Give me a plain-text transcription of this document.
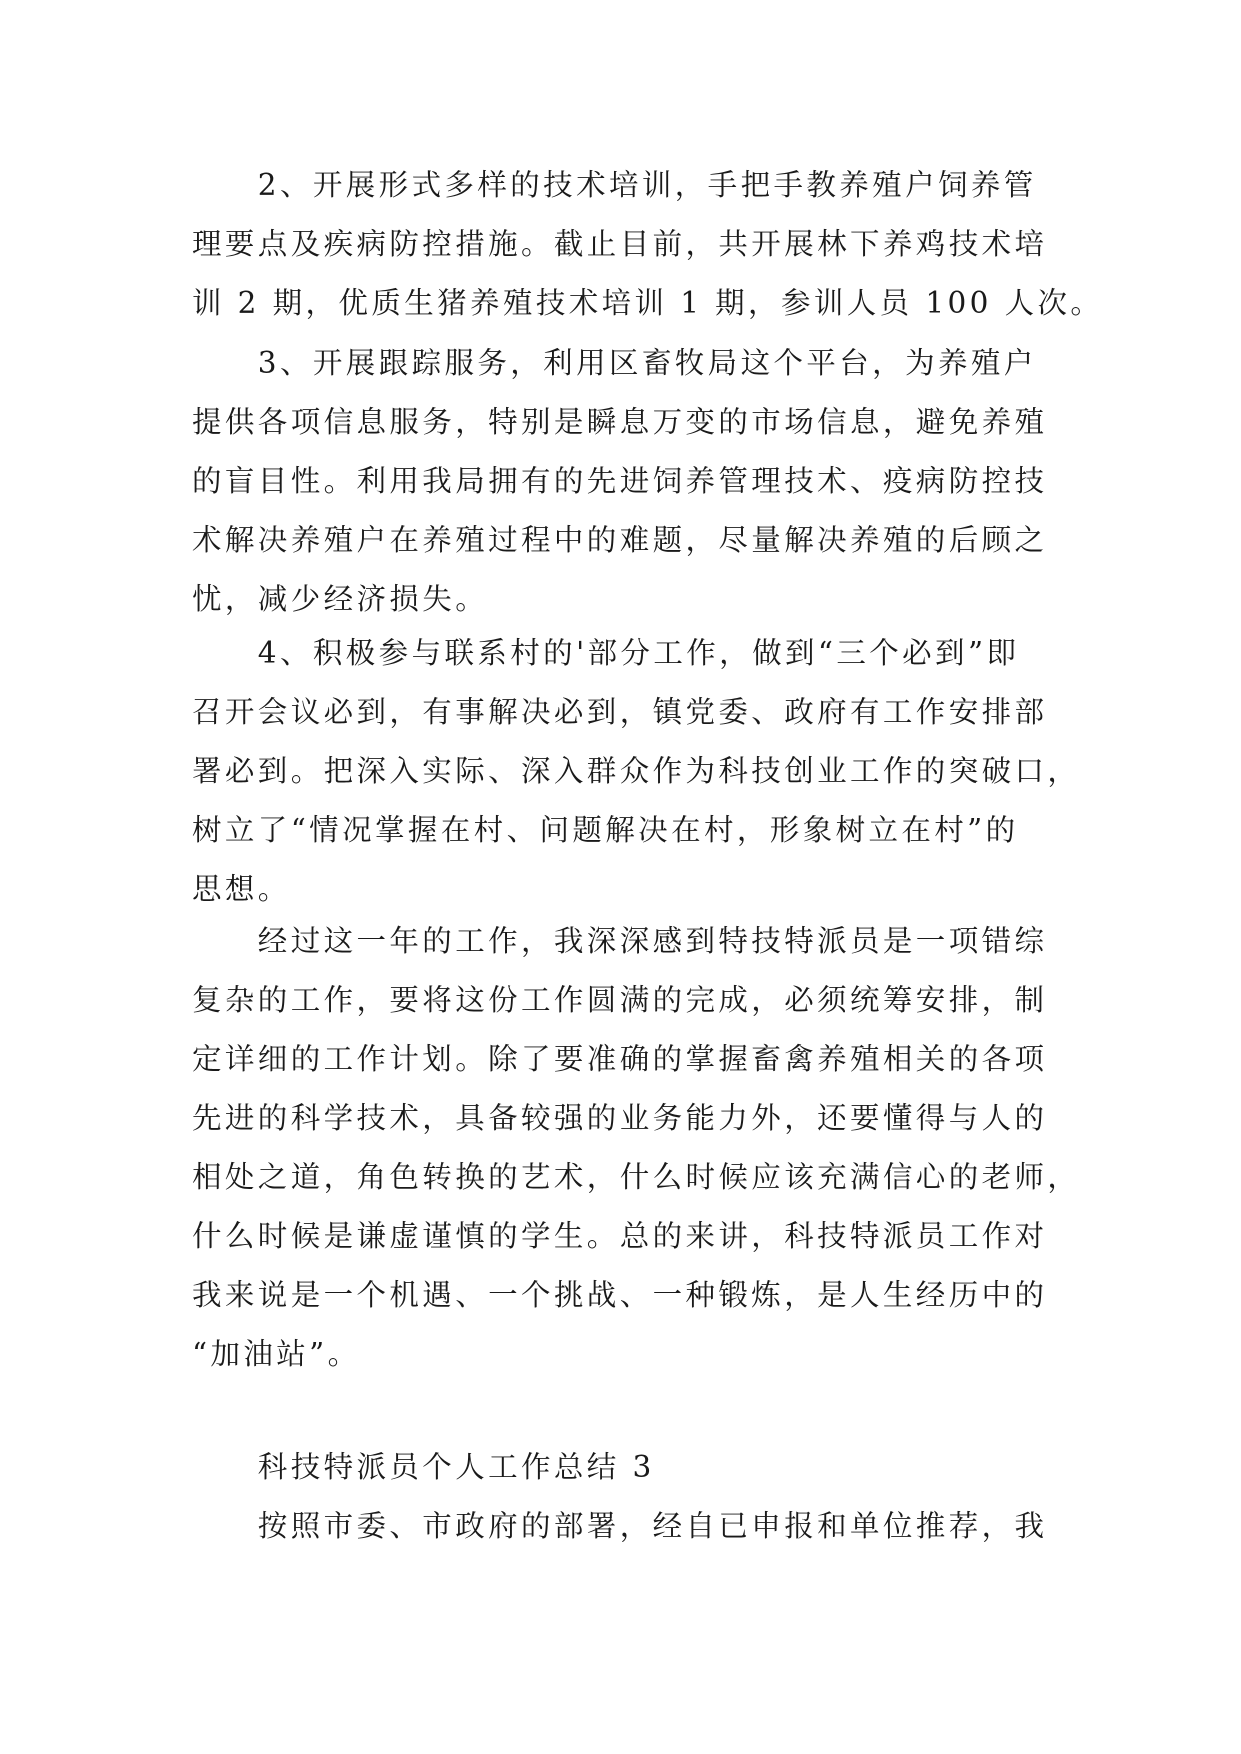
　　2、开展形式多样的技术培训，手把手教养殖户饲养管
理要点及疾病防控措施。截止目前，共开展林下养鸡技术培
训 2 期，优质生猪养殖技术培训 1 期，参训人员 100 人次。
　　3、开展跟踪服务，利用区畜牧局这个平台，为养殖户
提供各项信息服务，特别是瞬息万变的市场信息，避免养殖
的盲目性。利用我局拥有的先进饲养管理技术、疫病防控技
术解决养殖户在养殖过程中的难题，尽量解决养殖的后顾之
忧，减少经济损失。
　　4、积极参与联系村的'部分工作，做到“三个必到”即
召开会议必到，有事解决必到，镇党委、政府有工作安排部
署必到。把深入实际、深入群众作为科技创业工作的突破口，
树立了“情况掌握在村、问题解决在村，形象树立在村”的
思想。
　　经过这一年的工作，我深深感到特技特派员是一项错综
复杂的工作，要将这份工作圆满的完成，必须统筹安排，制
定详细的工作计划。除了要准确的掌握畜禽养殖相关的各项
先进的科学技术，具备较强的业务能力外，还要懂得与人的
相处之道，角色转换的艺术，什么时候应该充满信心的老师，
什么时候是谦虚谨慎的学生。总的来讲，科技特派员工作对
我来说是一个机遇、一个挑战、一种锻炼，是人生经历中的
“加油站”。
　　科技特派员个人工作总结 3
　　按照市委、市政府的部署，经自已申报和单位推荐，我
